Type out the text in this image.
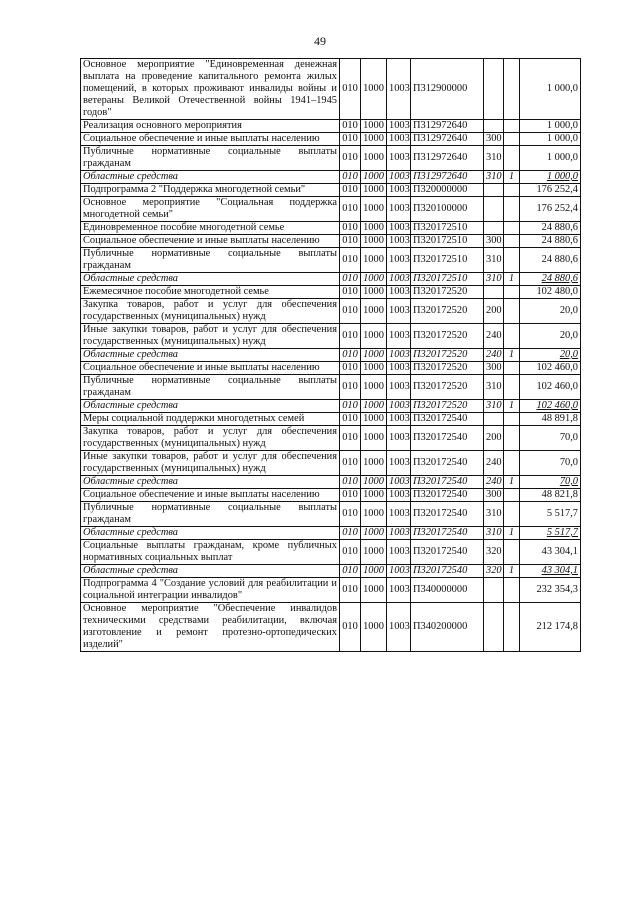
49
Основное мероприятие "Единовременная денежная выплата на проведение капитального ремонта жилых помещений, в которых проживают инвалиды войны и ветераны Великой Отечественной войны 1941–1945 годов"	010	1000	1003	П312900000			1 000,0
Реализация основного мероприятия	010	1000	1003	П312972640			1 000,0
Социальное обеспечение и иные выплаты населению	010	1000	1003	П312972640	300		1 000,0
Публичные нормативные социальные выплаты гражданам	010	1000	1003	П312972640	310		1 000,0
Областные средства	010	1000	1003	П312972640	310	1	1 000,0
Подпрограмма 2 "Поддержка многодетной семьи"	010	1000	1003	П320000000			176 252,4
Основное мероприятие "Социальная поддержка многодетной семьи"	010	1000	1003	П320100000			176 252,4
Единовременное пособие многодетной семье	010	1000	1003	П320172510			24 880,6
Социальное обеспечение и иные выплаты населению	010	1000	1003	П320172510	300		24 880,6
Публичные нормативные социальные выплаты гражданам	010	1000	1003	П320172510	310		24 880,6
Областные средства	010	1000	1003	П320172510	310	1	24 880,6
Ежемесячное пособие многодетной семье	010	1000	1003	П320172520			102 480,0
Закупка товаров, работ и услуг для обеспечения государственных (муниципальных) нужд	010	1000	1003	П320172520	200		20,0
Иные закупки товаров, работ и услуг для обеспечения государственных (муниципальных) нужд	010	1000	1003	П320172520	240		20,0
Областные средства	010	1000	1003	П320172520	240	1	20,0
Социальное обеспечение и иные выплаты населению	010	1000	1003	П320172520	300		102 460,0
Публичные нормативные социальные выплаты гражданам	010	1000	1003	П320172520	310		102 460,0
Областные средства	010	1000	1003	П320172520	310	1	102 460,0
Меры социальной поддержки многодетных семей	010	1000	1003	П320172540			48 891,8
Закупка товаров, работ и услуг для обеспечения государственных (муниципальных) нужд	010	1000	1003	П320172540	200		70,0
Иные закупки товаров, работ и услуг для обеспечения государственных (муниципальных) нужд	010	1000	1003	П320172540	240		70,0
Областные средства	010	1000	1003	П320172540	240	1	70,0
Социальное обеспечение и иные выплаты населению	010	1000	1003	П320172540	300		48 821,8
Публичные нормативные социальные выплаты гражданам	010	1000	1003	П320172540	310		5 517,7
Областные средства	010	1000	1003	П320172540	310	1	5 517,7
Социальные выплаты гражданам, кроме публичных нормативных социальных выплат	010	1000	1003	П320172540	320		43 304,1
Областные средства	010	1000	1003	П320172540	320	1	43 304,1
Подпрограмма 4 "Создание условий для реабилитации и социальной интеграции инвалидов"	010	1000	1003	П340000000			232 354,3
Основное мероприятие "Обеспечение инвалидов техническими средствами реабилитации, включая изготовление и ремонт протезно-ортопедических изделий"	010	1000	1003	П340200000			212 174,8
